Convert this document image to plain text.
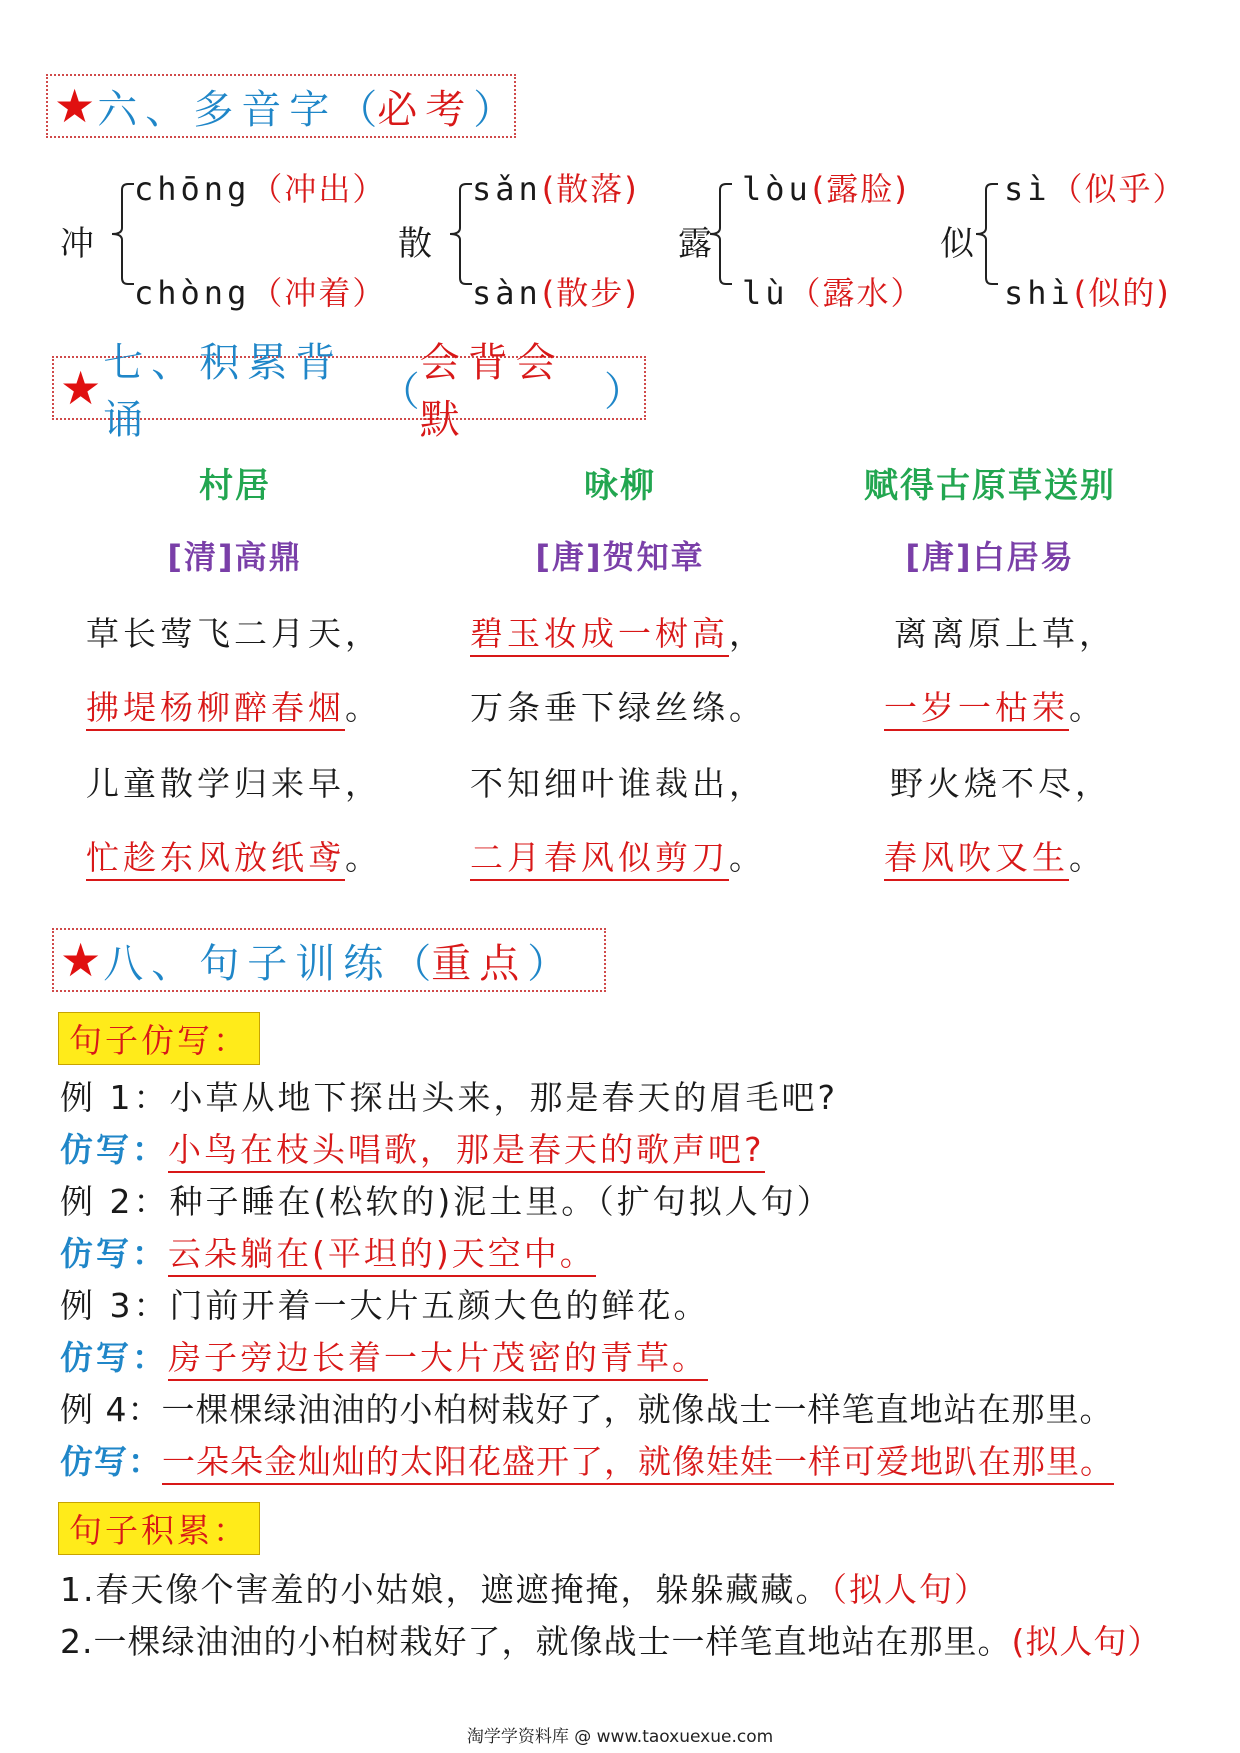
★ 六、多音字 （ 必考 ）
冲
chōng（冲出）
chòng（冲着）
散
sǎn(散落)
sàn(散步)
露
lòu(露脸)
lù（露水）
似
sì（似乎）
shì(似的)
★ 七、积累背诵
（
会背会默
）
村居
[清]高鼎
草长莺飞二月天，
拂堤杨柳醉春烟。
儿童散学归来早，
忙趁东风放纸鸢。
咏柳
[唐]贺知章
碧玉妆成一树高，
万条垂下绿丝绦。
不知细叶谁裁出，
二月春风似剪刀。
赋得古原草送别
[唐]白居易
离离原上草，
一岁一枯荣。
野火烧不尽，
春风吹又生。
★ 八、句子训练 （ 重点 ）
句子仿写：
例 1：小草从地下探出头来，那是春天的眉毛吧?
仿写：小鸟在枝头唱歌，那是春天的歌声吧?
例 2：种子睡在(松软的)泥土里。（扩句拟人句）
仿写：云朵躺在(平坦的)天空中。
例 3：门前开着一大片五颜大色的鲜花。
仿写：房子旁边长着一大片茂密的青草。
例 4：一棵棵绿油油的小柏树栽好了，就像战士一样笔直地站在那里。
仿写：一朵朵金灿灿的太阳花盛开了，就像娃娃一样可爱地趴在那里。
句子积累：
1.春天像个害羞的小姑娘，遮遮掩掩，躲躲藏藏。（拟人句）
2.一棵绿油油的小柏树栽好了，就像战士一样笔直地站在那里。(拟人句）
淘学学资料库 @ www.taoxuexue.com
